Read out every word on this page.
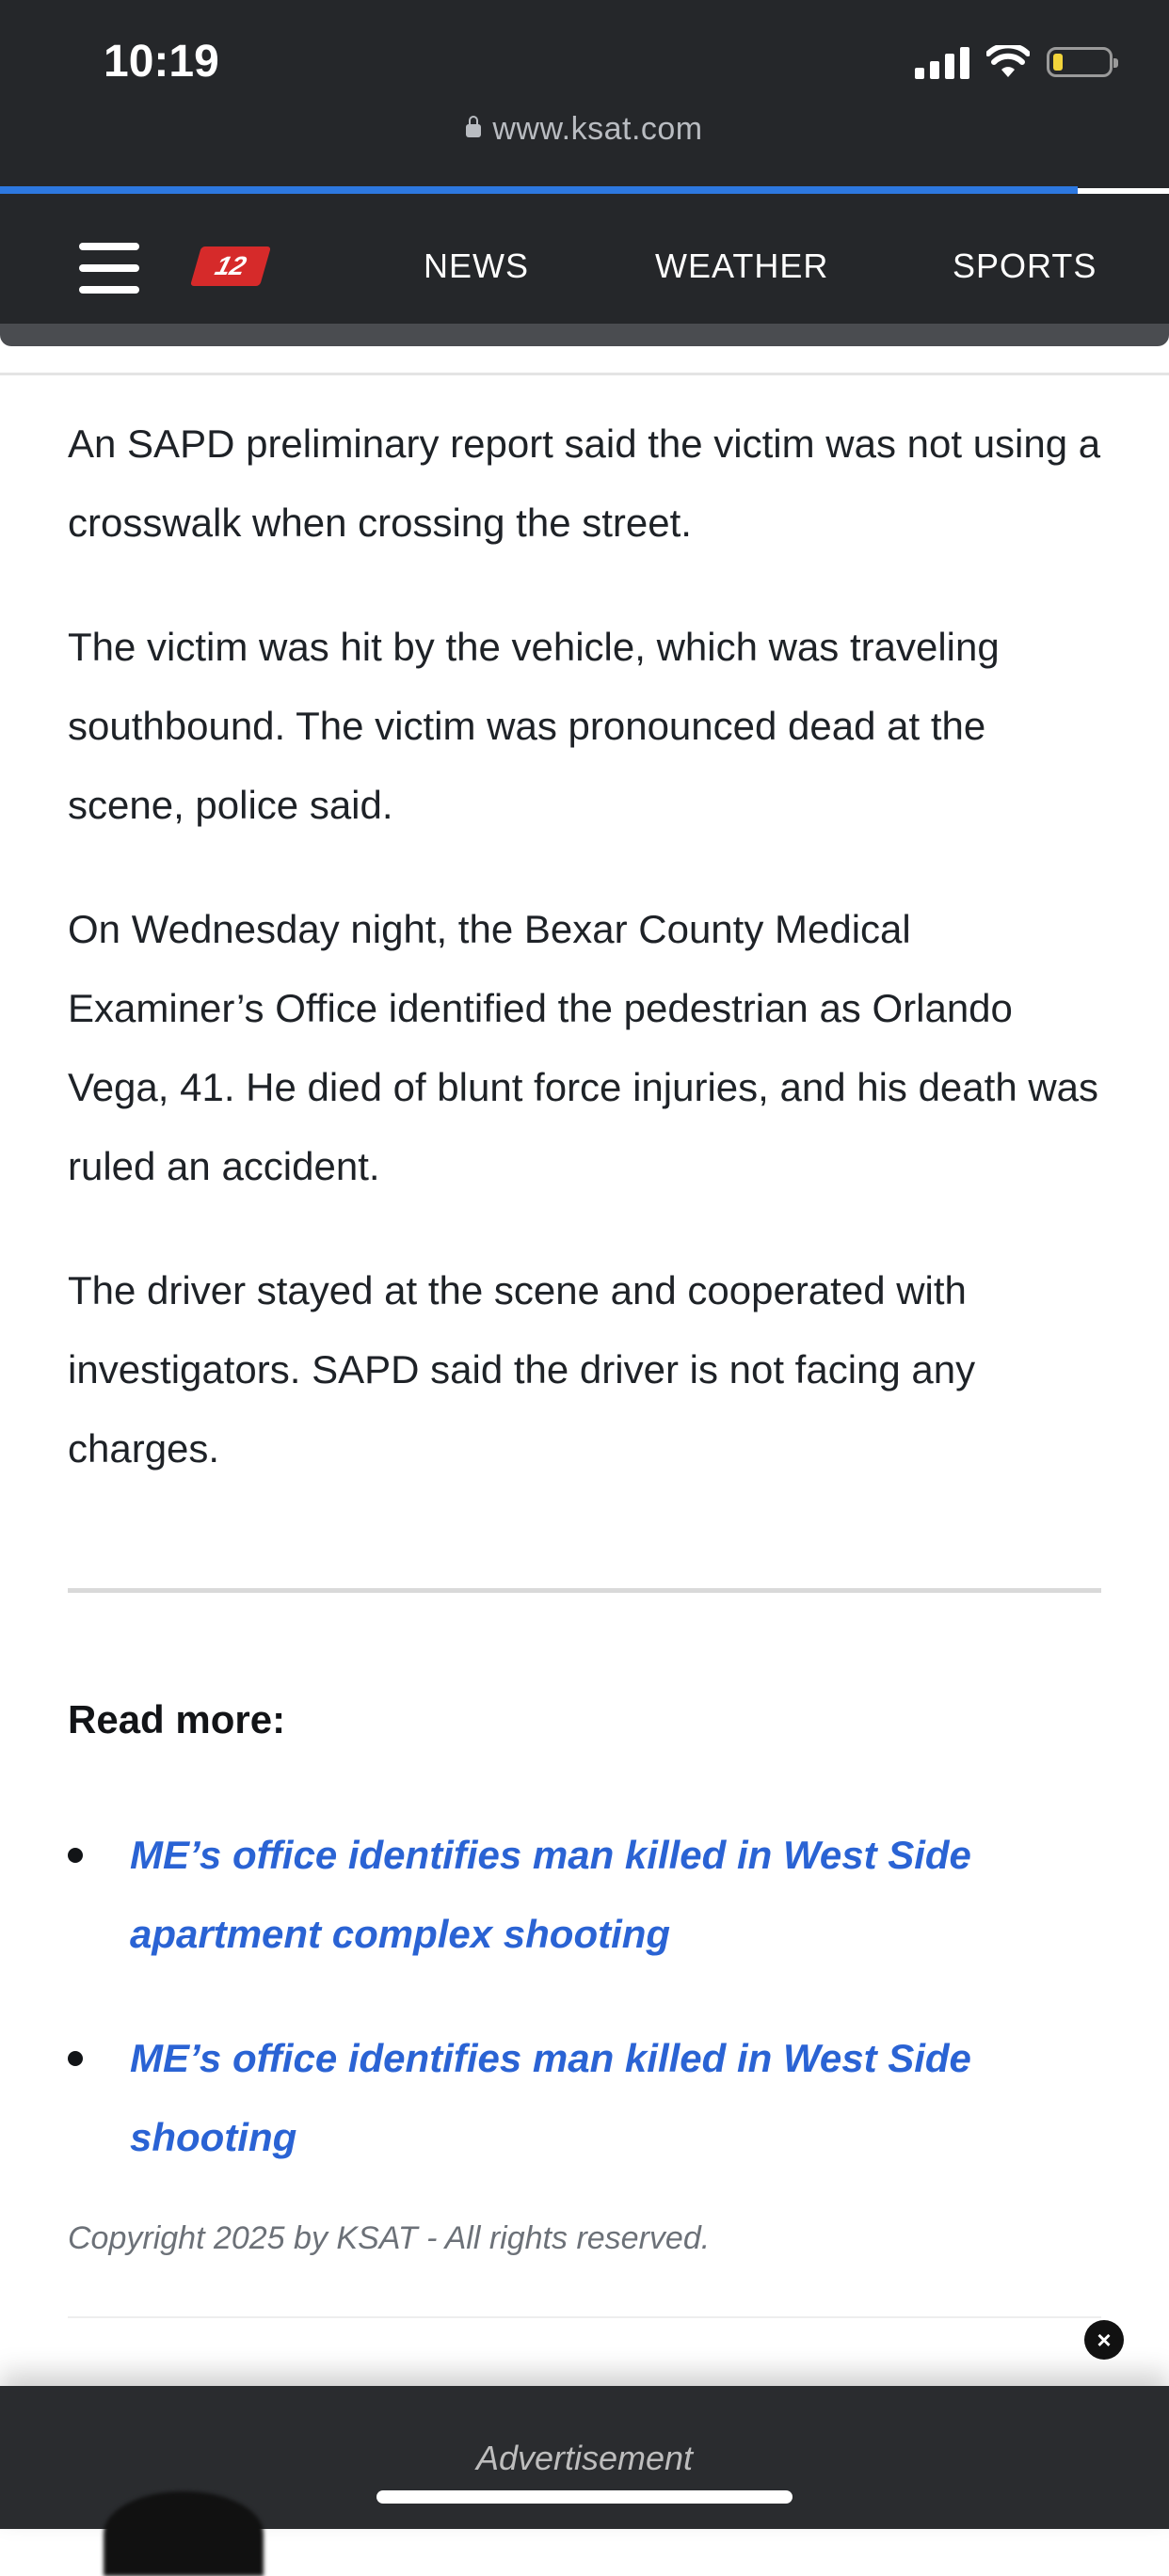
10:19
www.ksat.com
12	NEWS	WEATHER	SPORTS

An SAPD preliminary report said the victim was not using a crosswalk when crossing the street.

The victim was hit by the vehicle, which was traveling southbound. The victim was pronounced dead at the scene, police said.

On Wednesday night, the Bexar County Medical Examiner’s Office identified the pedestrian as Orlando Vega, 41. He died of blunt force injuries, and his death was ruled an accident.

The driver stayed at the scene and cooperated with investigators. SAPD said the driver is not facing any charges.

Read more:
ME’s office identifies man killed in West Side apartment complex shooting
ME’s office identifies man killed in West Side shooting
Copyright 2025 by KSAT - All rights reserved.
Advertisement
×
